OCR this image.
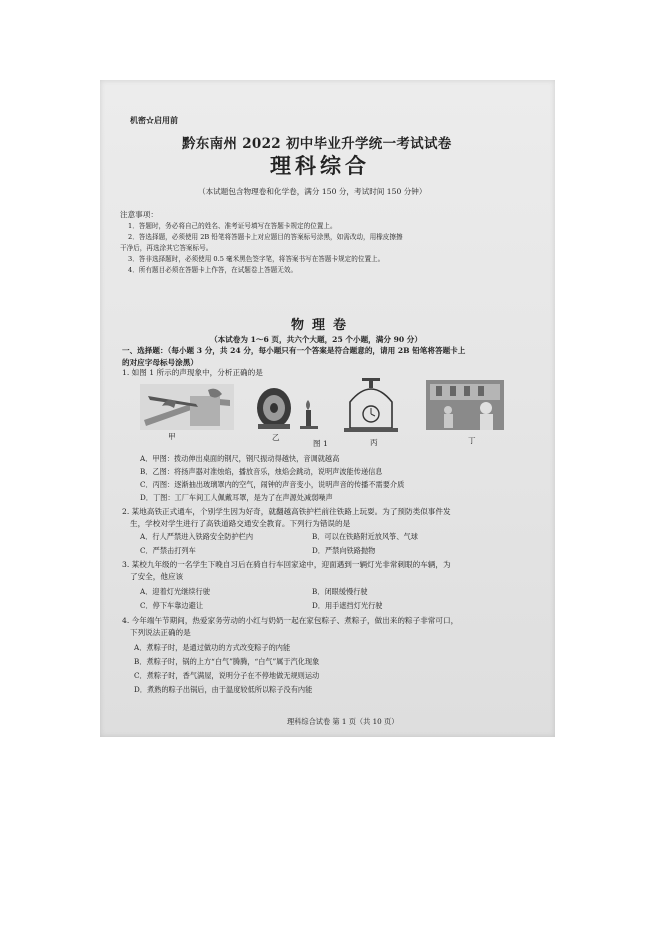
机密☆启用前
黔东南州 2022 初中毕业升学统一考试试卷
理科综合
（本试题包含物理卷和化学卷，满分 150 分，考试时间 150 分钟）
注意事项：
1．答题时，务必将自己的姓名、准考证号填写在答题卡规定的位置上。
2．答选择题，必须使用 2B 铅笔将答题卡上对应题目的答案标号涂黑，如需改动，用橡皮擦擦
干净后，再选涂其它答案标号。
3．答非选择题时，必须使用 0.5 毫米黑色签字笔，将答案书写在答题卡规定的位置上。
4．所有题目必须在答题卡上作答，在试题卷上答题无效。
物理卷
（本试卷为 1～6 页，共六个大题，25 个小题，满分 90 分）
一、选择题：（每小题 3 分，共 24 分，每小题只有一个答案是符合题意的，请用 2B 铅笔将答题卡上
的对应字母标号涂黑）
1. 如图 1 所示的声现象中，分析正确的是
甲	乙
图 1	丙	丁
A．甲图：拨动伸出桌面的钢尺，钢尺振动得越快，音调就越高
B．乙图：将扬声器对准烛焰，播放音乐，烛焰会跳动，说明声波能传递信息
C．丙图：逐渐抽出玻璃罩内的空气，闹钟的声音变小，说明声音的传播不需要介质
D．丁图：工厂车间工人佩戴耳罩，是为了在声源处减弱噪声
2. 某地高铁正式通车，个别学生因为好奇，就翻越高铁护栏前往铁路上玩耍。为了预防类似事件发
生，学校对学生进行了高铁道路交通安全教育。下列行为错误的是
A．行人严禁进入铁路安全防护栏内	B．可以在铁路附近放风筝、气球
C．严禁击打列车	D．严禁向铁路抛物
3. 某校九年级的一名学生下晚自习后在骑自行车回家途中，迎面遇到一辆灯光非常刺眼的车辆，为
了安全，他应该
A．迎着灯光继续行驶	B．闭眼缓慢行驶
C．停下车靠边避让	D．用手遮挡灯光行驶
4. 今年端午节期间，热爱家务劳动的小红与奶奶一起在家包粽子、煮粽子，做出来的粽子非常可口，
下列说法正确的是
A．煮粽子时，是通过做功的方式改变粽子的内能
B．煮粽子时，锅的上方“白气”腾腾，“白气”属于汽化现象
C．煮粽子时，香气满屋，说明分子在不停地做无规则运动
D．煮熟的粽子出锅后，由于温度较低所以粽子没有内能
理科综合试卷 第 1 页（共 10 页）
